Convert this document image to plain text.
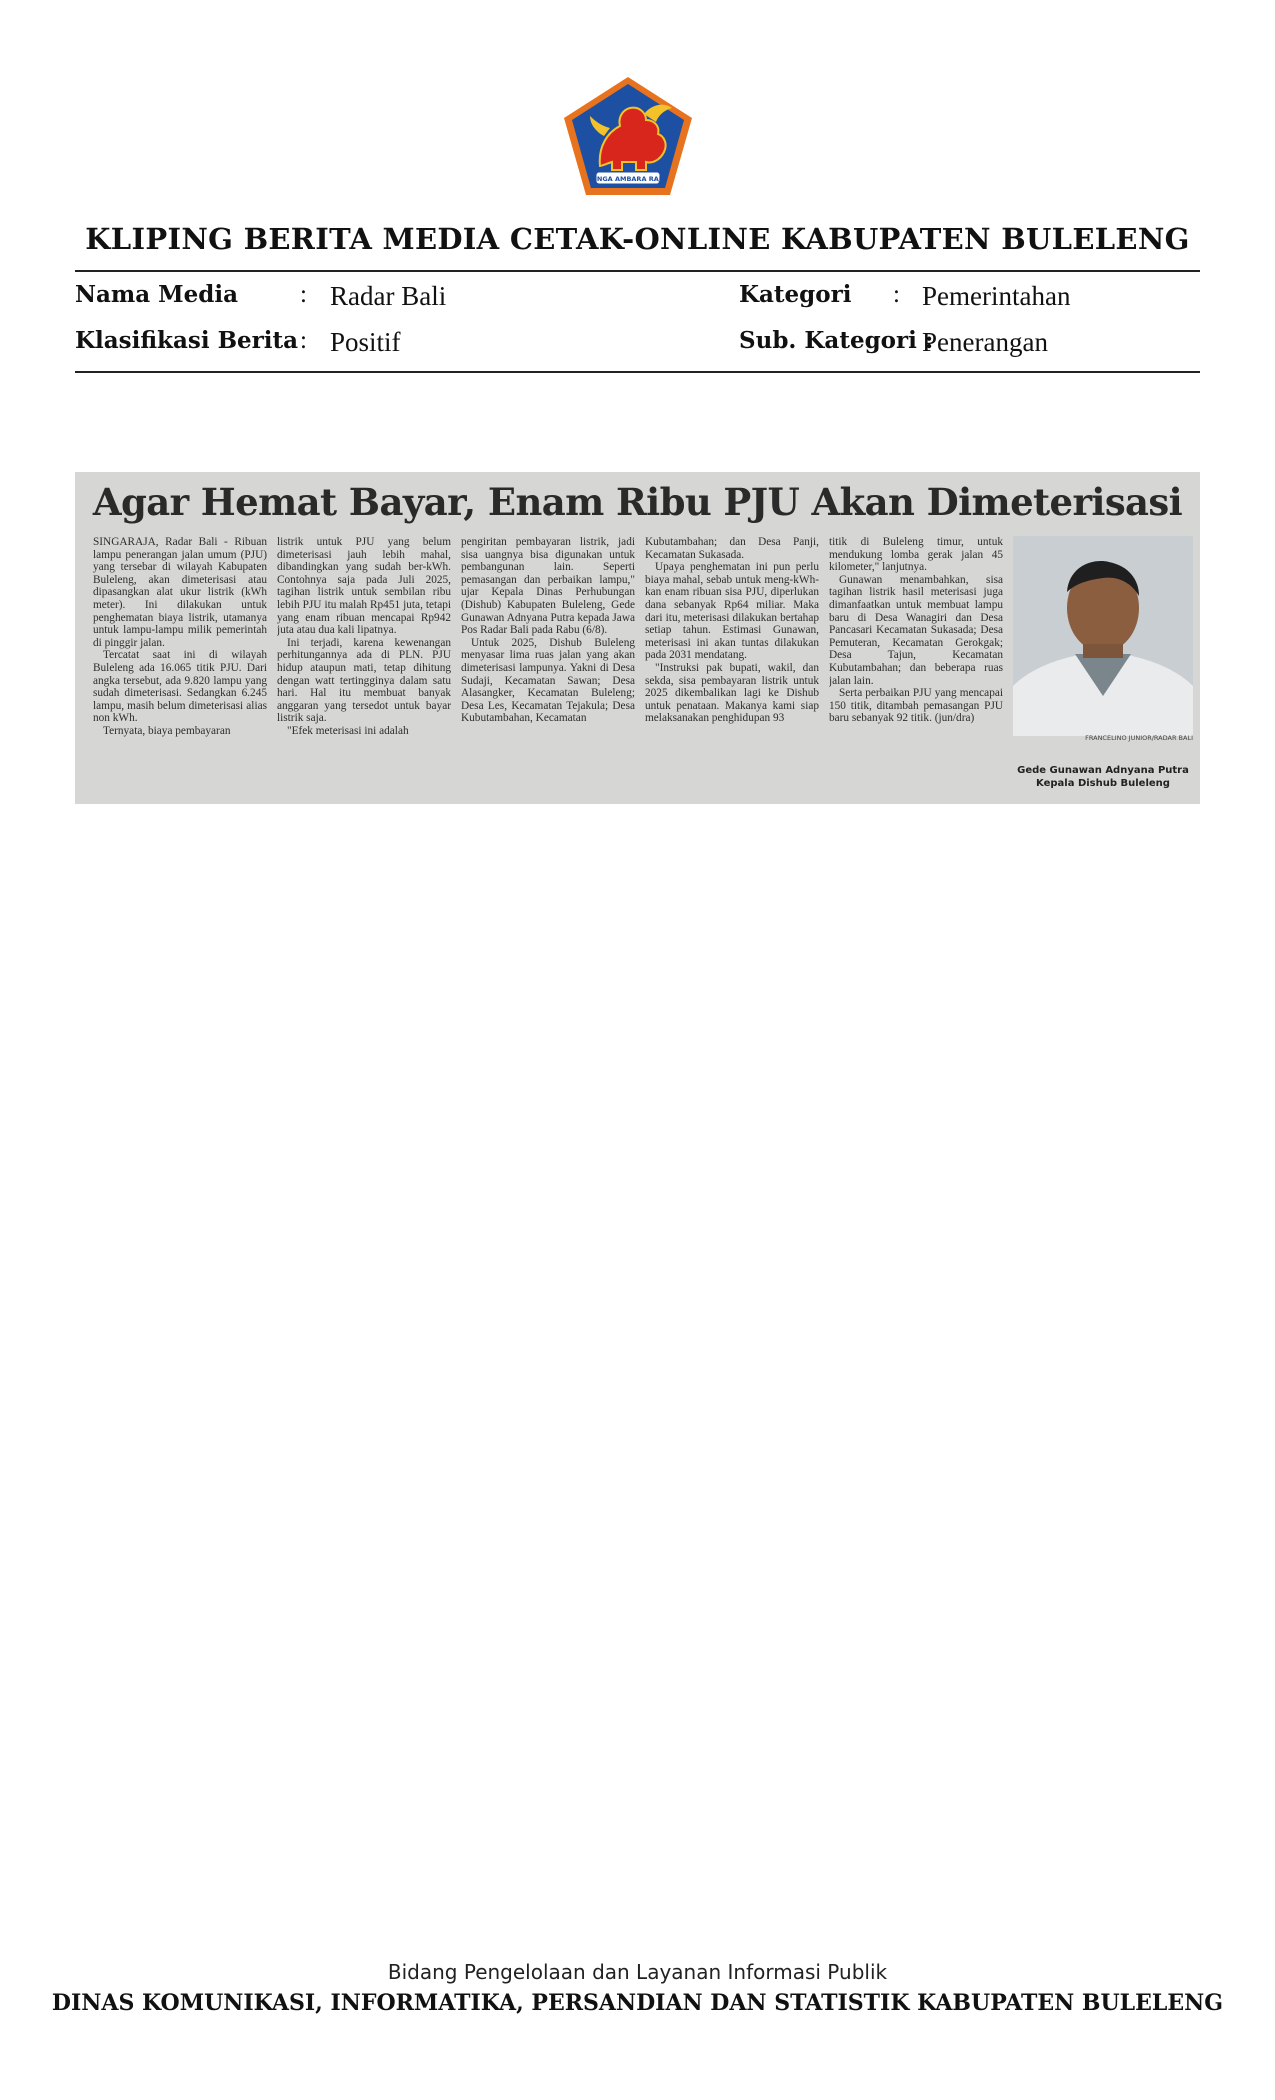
SINGA AMBARA RAJA
KLIPING BERITA MEDIA CETAK-ONLINE KABUPATEN BULELENG
Nama Media : Radar Bali	Kategori : Pemerintahan
Klasifikasi Berita : Positif	Sub. Kategori :
Penerangan
Agar Hemat Bayar, Enam Ribu PJU Akan Dimeterisasi

SINGARAJA, Radar Bali - Ribuan lampu penerangan jalan umum (PJU) yang tersebar di wilayah Kabupaten Buleleng, akan dimeterisasi atau dipasangkan alat ukur listrik (kWh meter). Ini dilakukan untuk penghematan biaya listrik, utamanya untuk lampu-lampu milik pemerintah di pinggir jalan.

Tercatat saat ini di wilayah Buleleng ada 16.065 titik PJU. Dari angka tersebut, ada 9.820 lampu yang sudah dimeterisasi. Sedangkan 6.245 lampu, masih belum dimeterisasi alias non kWh.

Ternyata, biaya pembayaran

listrik untuk PJU yang belum dimeterisasi jauh lebih mahal, dibandingkan yang sudah ber-kWh. Contohnya saja pada Juli 2025, tagihan listrik untuk sembilan ribu lebih PJU itu malah Rp451 juta, tetapi yang enam ribuan mencapai Rp942 juta atau dua kali lipatnya.

Ini terjadi, karena kewenangan perhitungannya ada di PLN. PJU hidup ataupun mati, tetap dihitung dengan watt tertingginya dalam satu hari. Hal itu membuat banyak anggaran yang tersedot untuk bayar listrik saja.

"Efek meterisasi ini adalah

pengiritan pembayaran listrik, jadi sisa uangnya bisa digunakan untuk pembangunan lain. Seperti pemasangan dan perbaikan lampu," ujar Kepala Dinas Perhubungan (Dishub) Kabupaten Buleleng, Gede Gunawan Adnyana Putra kepada Jawa Pos Radar Bali pada Rabu (6/8).

Untuk 2025, Dishub Buleleng menyasar lima ruas jalan yang akan dimeterisasi lampunya. Yakni di Desa Sudaji, Kecamatan Sawan; Desa Alasangker, Kecamatan Buleleng; Desa Les, Kecamatan Tejakula; Desa Kubutambahan, Kecamatan

Kubutambahan; dan Desa Panji, Kecamatan Sukasada.

Upaya penghematan ini pun perlu biaya mahal, sebab untuk meng-kWh-kan enam ribuan sisa PJU, diperlukan dana sebanyak Rp64 miliar. Maka dari itu, meterisasi dilakukan bertahap setiap tahun. Estimasi Gunawan, meterisasi ini akan tuntas dilakukan pada 2031 mendatang.

"Instruksi pak bupati, wakil, dan sekda, sisa pembayaran listrik untuk 2025 dikembalikan lagi ke Dishub untuk penataan. Makanya kami siap melaksanakan penghidupan 93

titik di Buleleng timur, untuk mendukung lomba gerak jalan 45 kilometer," lanjutnya.

Gunawan menambahkan, sisa tagihan listrik hasil meterisasi juga dimanfaatkan untuk membuat lampu baru di Desa Wanagiri dan Desa Pancasari Kecamatan Sukasada; Desa Pemuteran, Kecamatan Gerokgak; Desa Tajun, Kecamatan Kubutambahan; dan beberapa ruas jalan lain.

Serta perbaikan PJU yang mencapai 150 titik, ditambah pemasangan PJU baru sebanyak 92 titik. (jun/dra)

FRANCELINO JUNIOR/RADAR BALI
Gede Gunawan Adnyana Putra
Kepala Dishub Buleleng
Bidang Pengelolaan dan Layanan Informasi Publik
DINAS KOMUNIKASI, INFORMATIKA, PERSANDIAN DAN STATISTIK KABUPATEN BULELENG
